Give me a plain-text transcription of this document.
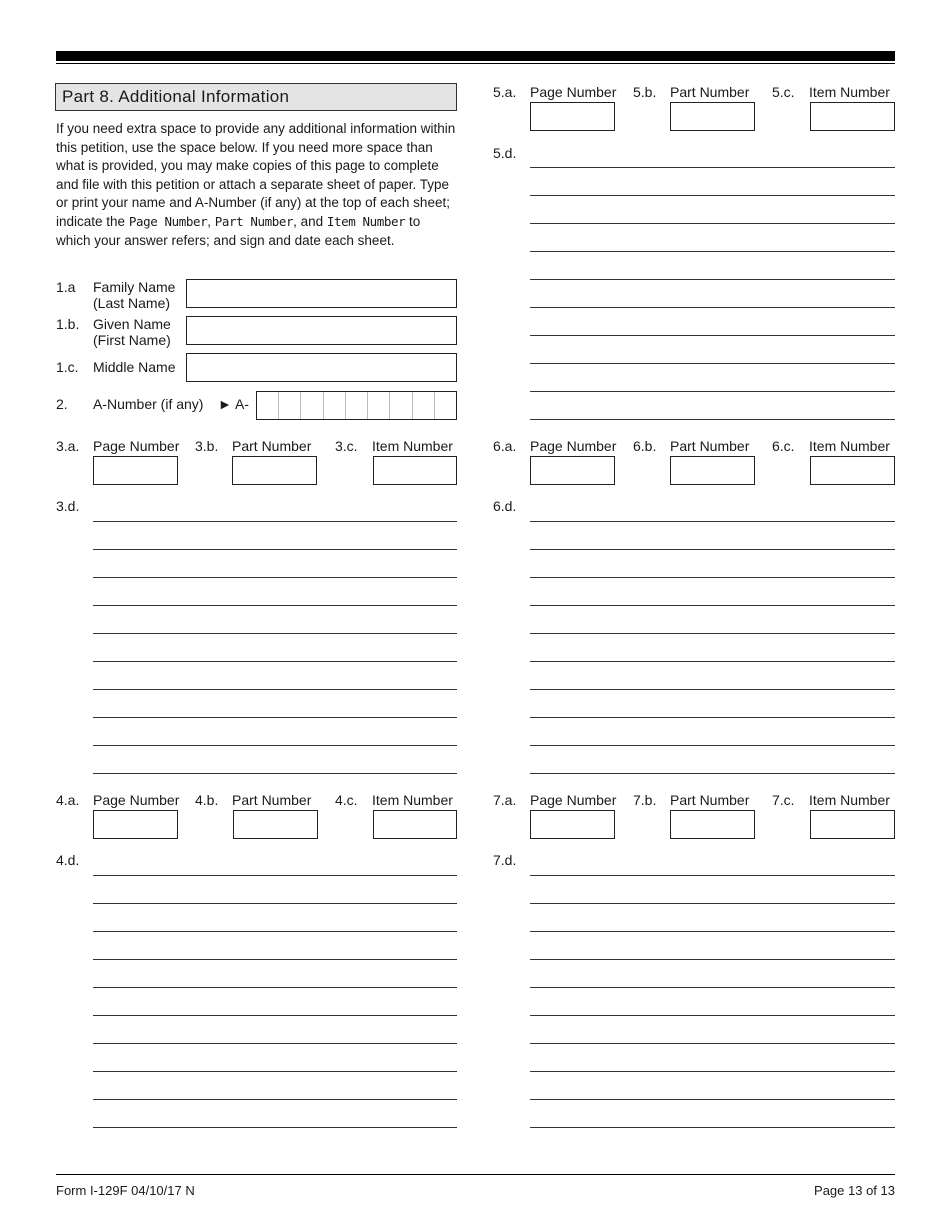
Part 8. Additional Information
If you need extra space to provide any additional information within this petition, use the space below. If you need more space than what is provided, you may make copies of this page to complete and file with this petition or attach a separate sheet of paper. Type or print your name and A-Number (if any) at the top of each sheet; indicate the Page Number, Part Number, and Item Number to which your answer refers; and sign and date each sheet.
1.a Family Name
(Last Name)
1.b. Given Name
(First Name)
1.c. Middle Name
2. A-Number (if any) ► A-
3.a. Page Number 3.b. Part Number 3.c. Item Number
3.d.
4.a. Page Number 4.b. Part Number 4.c. Item Number
4.d.
5.a. Page Number 5.b. Part Number 5.c. Item Number
5.d.
6.a. Page Number 6.b. Part Number 6.c. Item Number
6.d.
7.a. Page Number 7.b. Part Number 7.c. Item Number
7.d.
Form I-129F 04/10/17 N	Page 13 of 13
